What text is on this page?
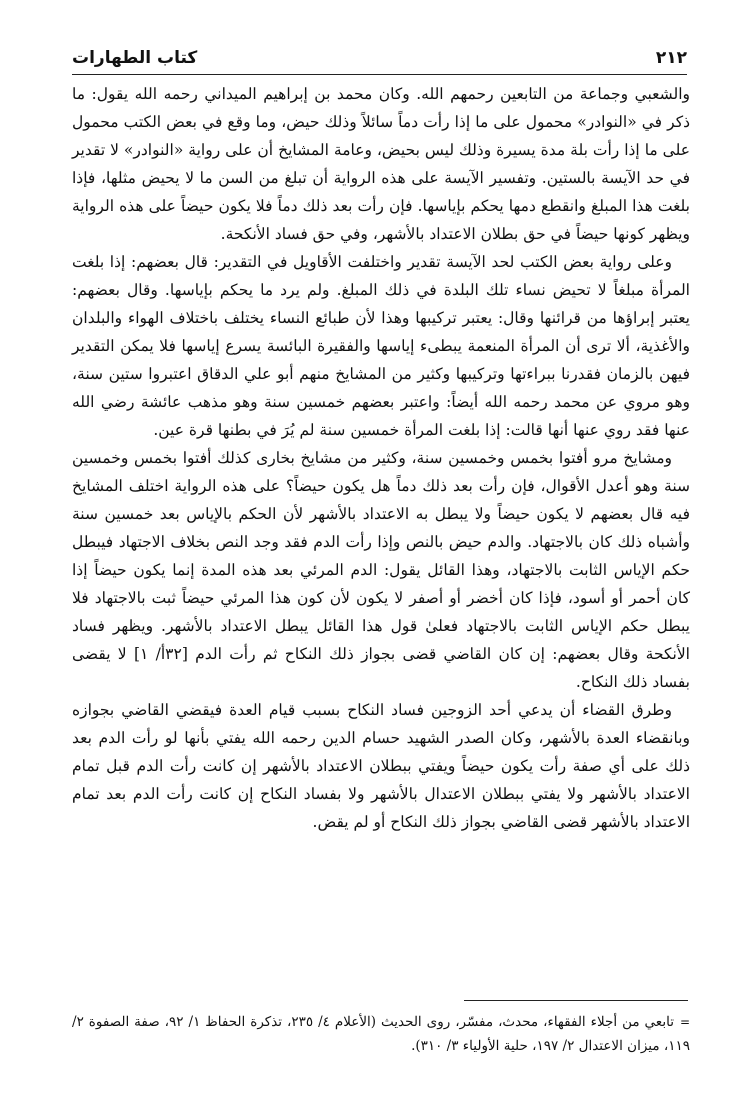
٢١٢
كتاب الطهارات

والشعبي وجماعة من التابعين رحمهم الله. وكان محمد بن إبراهيم الميداني رحمه الله يقول: ما ذكر في «النوادر» محمول على ما إذا رأت دماً سائلاً وذلك حيض، وما وقع في بعض الكتب محمول على ما إذا رأت بلة مدة يسيرة وذلك ليس بحيض، وعامة المشايخ أن على رواية «النوادر» لا تقدير في حد الآيسة بالستين. وتفسير الآيسة على هذه الرواية أن تبلغ من السن ما لا يحيض مثلها، فإذا بلغت هذا المبلغ وانقطع دمها يحكم بإياسها. فإن رأت بعد ذلك دماً فلا يكون حيضاً على هذه الرواية ويظهر كونها حيضاً في حق بطلان الاعتداد بالأشهر، وفي حق فساد الأنكحة.

وعلى رواية بعض الكتب لحد الآيسة تقدير واختلفت الأقاويل في التقدير: قال بعضهم: إذا بلغت المرأة مبلغاً لا تحيض نساء تلك البلدة في ذلك المبلغ. ولم يرد ما يحكم بإياسها. وقال بعضهم: يعتبر إبراؤها من قرائنها وقال: يعتبر تركيبها وهذا لأن طبائع النساء يختلف باختلاف الهواء والبلدان والأغذية، ألا ترى أن المرأة المنعمة يبطىء إياسها والفقيرة البائسة يسرع إياسها فلا يمكن التقدير فيهن بالزمان فقدرنا ببراءتها وتركيبها وكثير من المشايخ منهم أبو علي الدقاق اعتبروا ستين سنة، وهو مروي عن محمد رحمه الله أيضاً: واعتبر بعضهم خمسين سنة وهو مذهب عائشة رضي الله عنها فقد روي عنها أنها قالت: إذا بلغت المرأة خمسين سنة لم يُرَ في بطنها قرة عين.

ومشايخ مرو أفتوا بخمس وخمسين سنة، وكثير من مشايخ بخارى كذلك أفتوا بخمس وخمسين سنة وهو أعدل الأقوال، فإن رأت بعد ذلك دماً هل يكون حيضاً؟ على هذه الرواية اختلف المشايخ فيه قال بعضهم لا يكون حيضاً ولا يبطل به الاعتداد بالأشهر لأن الحكم بالإياس بعد خمسين سنة وأشباه ذلك كان بالاجتهاد. والدم حيض بالنص وإذا رأت الدم فقد وجد النص بخلاف الاجتهاد فيبطل حكم الإياس الثابت بالاجتهاد، وهذا القائل يقول: الدم المرئي بعد هذه المدة إنما يكون حيضاً إذا كان أحمر أو أسود، فإذا كان أخضر أو أصفر لا يكون لأن كون هذا المرئي حيضاً ثبت بالاجتهاد فلا يبطل حكم الإياس الثابت بالاجتهاد فعلىٰ قول هذا القائل يبطل الاعتداد بالأشهر. ويظهر فساد الأنكحة وقال بعضهم: إن كان القاضي قضى بجواز ذلك النكاح ثم رأت الدم [٣٢أ/ ١] لا يقضى بفساد ذلك النكاح.

وطرق القضاء أن يدعي أحد الزوجين فساد النكاح بسبب قيام العدة فيقضي القاضي بجوازه وبانقضاء العدة بالأشهر، وكان الصدر الشهيد حسام الدين رحمه الله يفتي بأنها لو رأت الدم بعد ذلك على أي صفة رأت يكون حيضاً ويفتي ببطلان الاعتداد بالأشهر إن كانت رأت الدم قبل تمام الاعتداد بالأشهر ولا يفتي ببطلان الاعتدال بالأشهر ولا بفساد النكاح إن كانت رأت الدم بعد تمام الاعتداد بالأشهر قضى القاضي بجواز ذلك النكاح أو لم يقض.

=تابعي من أجلاء الفقهاء، محدث، مفسّر، روى الحديث (الأعلام ٤/ ٢٣٥، تذكرة الحفاظ ١/ ٩٢، صفة الصفوة ٢/ ١١٩، ميزان الاعتدال ٢/ ١٩٧، حلية الأولياء ٣/ ٣١٠).
